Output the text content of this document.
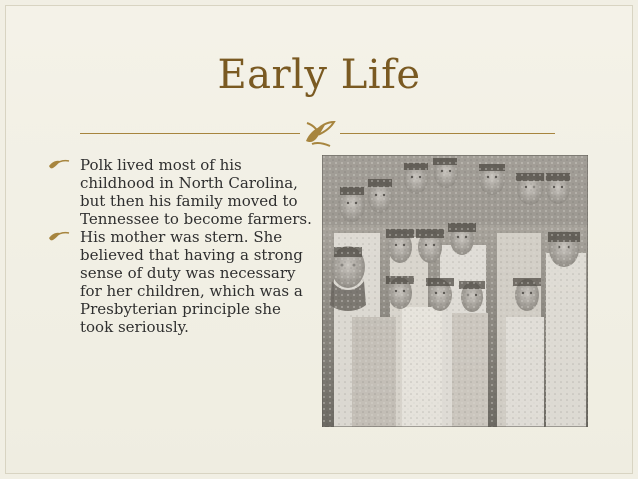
Early Life
Polk lived most of his childhood in North Carolina, but then his family moved to Tennessee to become farmers.
His mother was stern. She believed that having a strong sense of duty was necessary for her children, which was a Presbyterian principle she took seriously.
